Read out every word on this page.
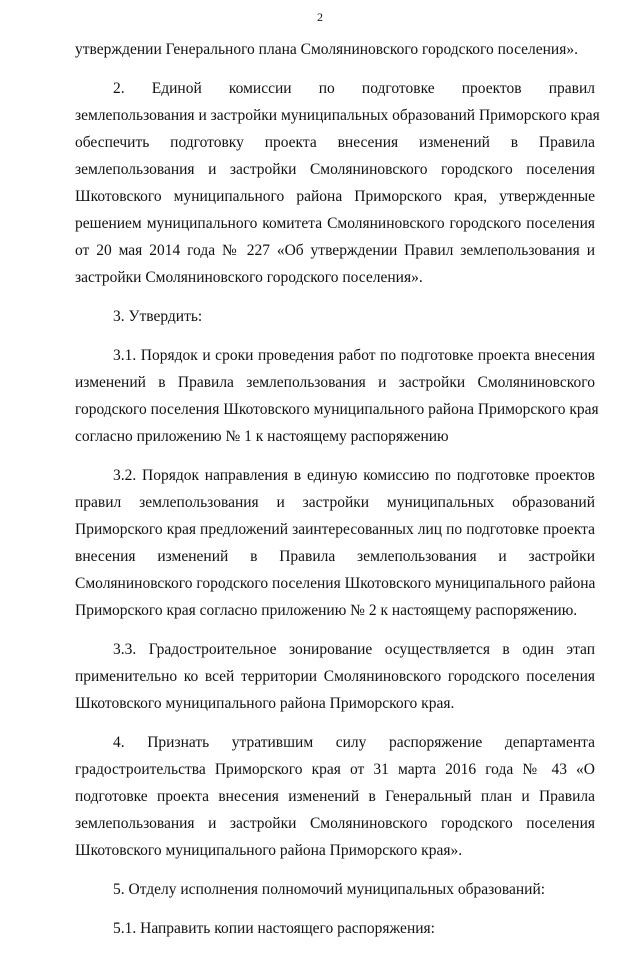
2
утверждении Генерального плана Смоляниновского городского поселения».
2. Единой комиссии по подготовке проектов правил
землепользования и застройки муниципальных образований Приморского края
обеспечить подготовку проекта внесения изменений в Правила
землепользования и застройки Смоляниновского городского поселения
Шкотовского муниципального района Приморского края, утвержденные
решением муниципального комитета Смоляниновского городского поселения
от 20 мая 2014 года № 227 «Об утверждении Правил землепользования и
застройки Смоляниновского городского поселения».
3. Утвердить:
3.1. Порядок и сроки проведения работ по подготовке проекта внесения
изменений в Правила землепользования и застройки Смоляниновского
городского поселения Шкотовского муниципального района Приморского края
согласно приложению № 1 к настоящему распоряжению
3.2. Порядок направления в единую комиссию по подготовке проектов
правил землепользования и застройки муниципальных образований
Приморского края предложений заинтересованных лиц по подготовке проекта
внесения изменений в Правила землепользования и застройки
Смоляниновского городского поселения Шкотовского муниципального района
Приморского края согласно приложению № 2 к настоящему распоряжению.
3.3. Градостроительное зонирование осуществляется в один этап
применительно ко всей территории Смоляниновского городского поселения
Шкотовского муниципального района Приморского края.
4. Признать утратившим силу распоряжение департамента
градостроительства Приморского края от 31 марта 2016 года № 43 «О
подготовке проекта внесения изменений в Генеральный план и Правила
землепользования и застройки Смоляниновского городского поселения
Шкотовского муниципального района Приморского края».
5. Отделу исполнения полномочий муниципальных образований:
5.1. Направить копии настоящего распоряжения:
